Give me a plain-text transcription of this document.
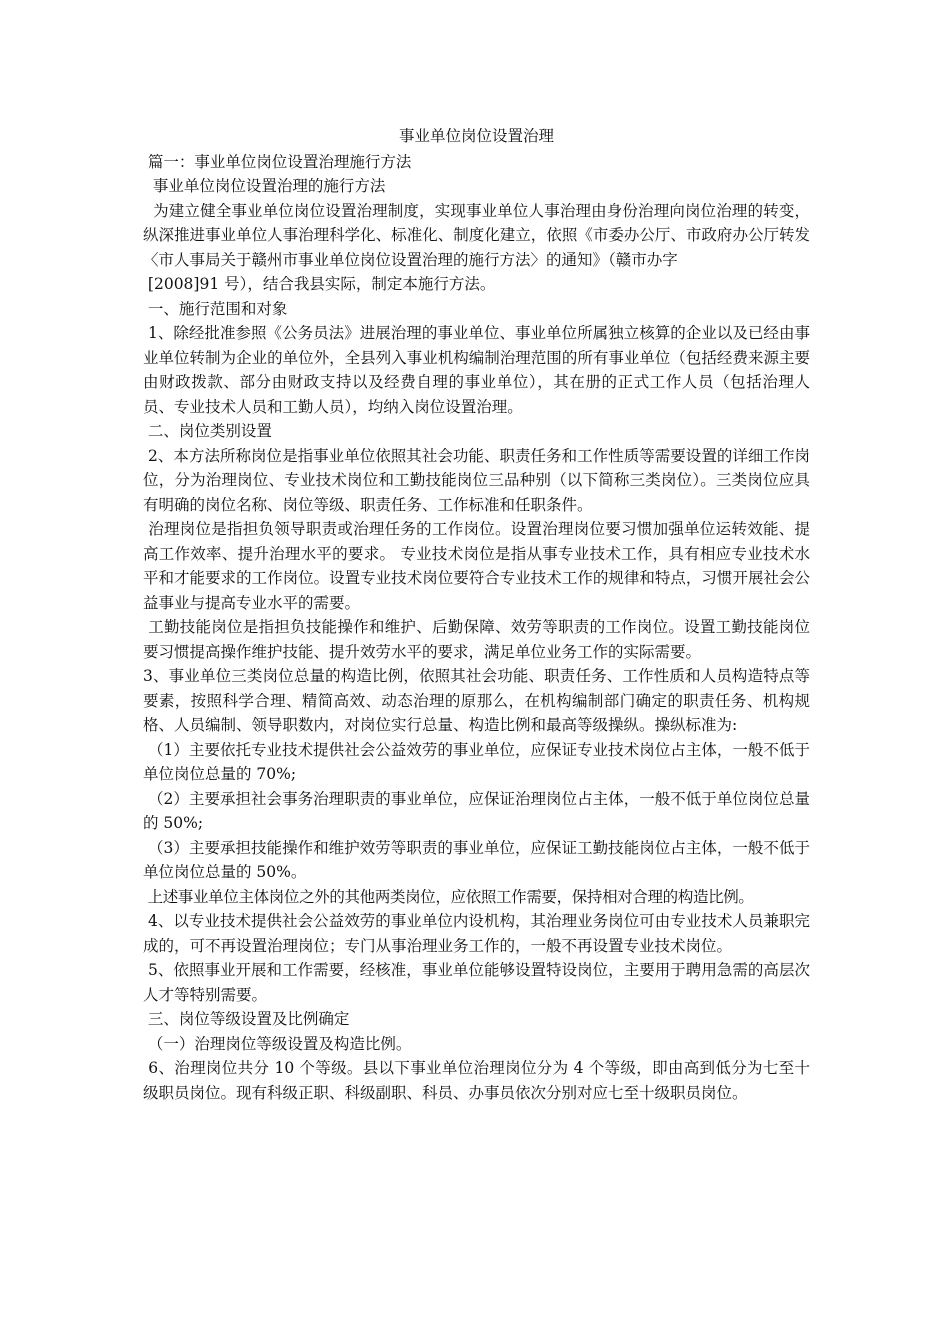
事业单位岗位设置治理
篇一：事业单位岗位设置治理施行方法
事业单位岗位设置治理的施行方法
为建立健全事业单位岗位设置治理制度，实现事业单位人事治理由身份治理向岗位治理的转变，纵深推进事业单位人事治理科学化、标准化、制度化建立，依照《市委办公厅、市政府办公厅转发〈市人事局关于赣州市事业单位岗位设置治理的施行方法〉的通知》（赣市办字
[2008]91 号），结合我县实际，制定本施行方法。
一、施行范围和对象
1、除经批准参照《公务员法》进展治理的事业单位、事业单位所属独立核算的企业以及已经由事业单位转制为企业的单位外，全县列入事业机构编制治理范围的所有事业单位（包括经费来源主要由财政拨款、部分由财政支持以及经费自理的事业单位），其在册的正式工作人员（包括治理人员、专业技术人员和工勤人员），均纳入岗位设置治理。
二、岗位类别设置
2、本方法所称岗位是指事业单位依照其社会功能、职责任务和工作性质等需要设置的详细工作岗位，分为治理岗位、专业技术岗位和工勤技能岗位三品种别（以下简称三类岗位）。三类岗位应具有明确的岗位名称、岗位等级、职责任务、工作标准和任职条件。
治理岗位是指担负领导职责或治理任务的工作岗位。设置治理岗位要习惯加强单位运转效能、提高工作效率、提升治理水平的要求。 专业技术岗位是指从事专业技术工作，具有相应专业技术水平和才能要求的工作岗位。设置专业技术岗位要符合专业技术工作的规律和特点，习惯开展社会公益事业与提高专业水平的需要。
工勤技能岗位是指担负技能操作和维护、后勤保障、效劳等职责的工作岗位。设置工勤技能岗位要习惯提高操作维护技能、提升效劳水平的要求，满足单位业务工作的实际需要。
3、事业单位三类岗位总量的构造比例，依照其社会功能、职责任务、工作性质和人员构造特点等要素，按照科学合理、精简高效、动态治理的原那么，在机构编制部门确定的职责任务、机构规格、人员编制、领导职数内，对岗位实行总量、构造比例和最高等级操纵。操纵标准为:
（1）主要依托专业技术提供社会公益效劳的事业单位，应保证专业技术岗位占主体，一般不低于单位岗位总量的 70%;
（2）主要承担社会事务治理职责的事业单位，应保证治理岗位占主体，一般不低于单位岗位总量的 50%;
（3）主要承担技能操作和维护效劳等职责的事业单位，应保证工勤技能岗位占主体，一般不低于单位岗位总量的 50%。
上述事业单位主体岗位之外的其他两类岗位，应依照工作需要，保持相对合理的构造比例。
4、以专业技术提供社会公益效劳的事业单位内设机构，其治理业务岗位可由专业技术人员兼职完成的，可不再设置治理岗位；专门从事治理业务工作的，一般不再设置专业技术岗位。
5、依照事业开展和工作需要，经核准，事业单位能够设置特设岗位，主要用于聘用急需的高层次人才等特别需要。
三、岗位等级设置及比例确定
（一）治理岗位等级设置及构造比例。
6、治理岗位共分 10 个等级。县以下事业单位治理岗位分为 4 个等级，即由高到低分为七至十级职员岗位。现有科级正职、科级副职、科员、办事员依次分别对应七至十级职员岗位。
